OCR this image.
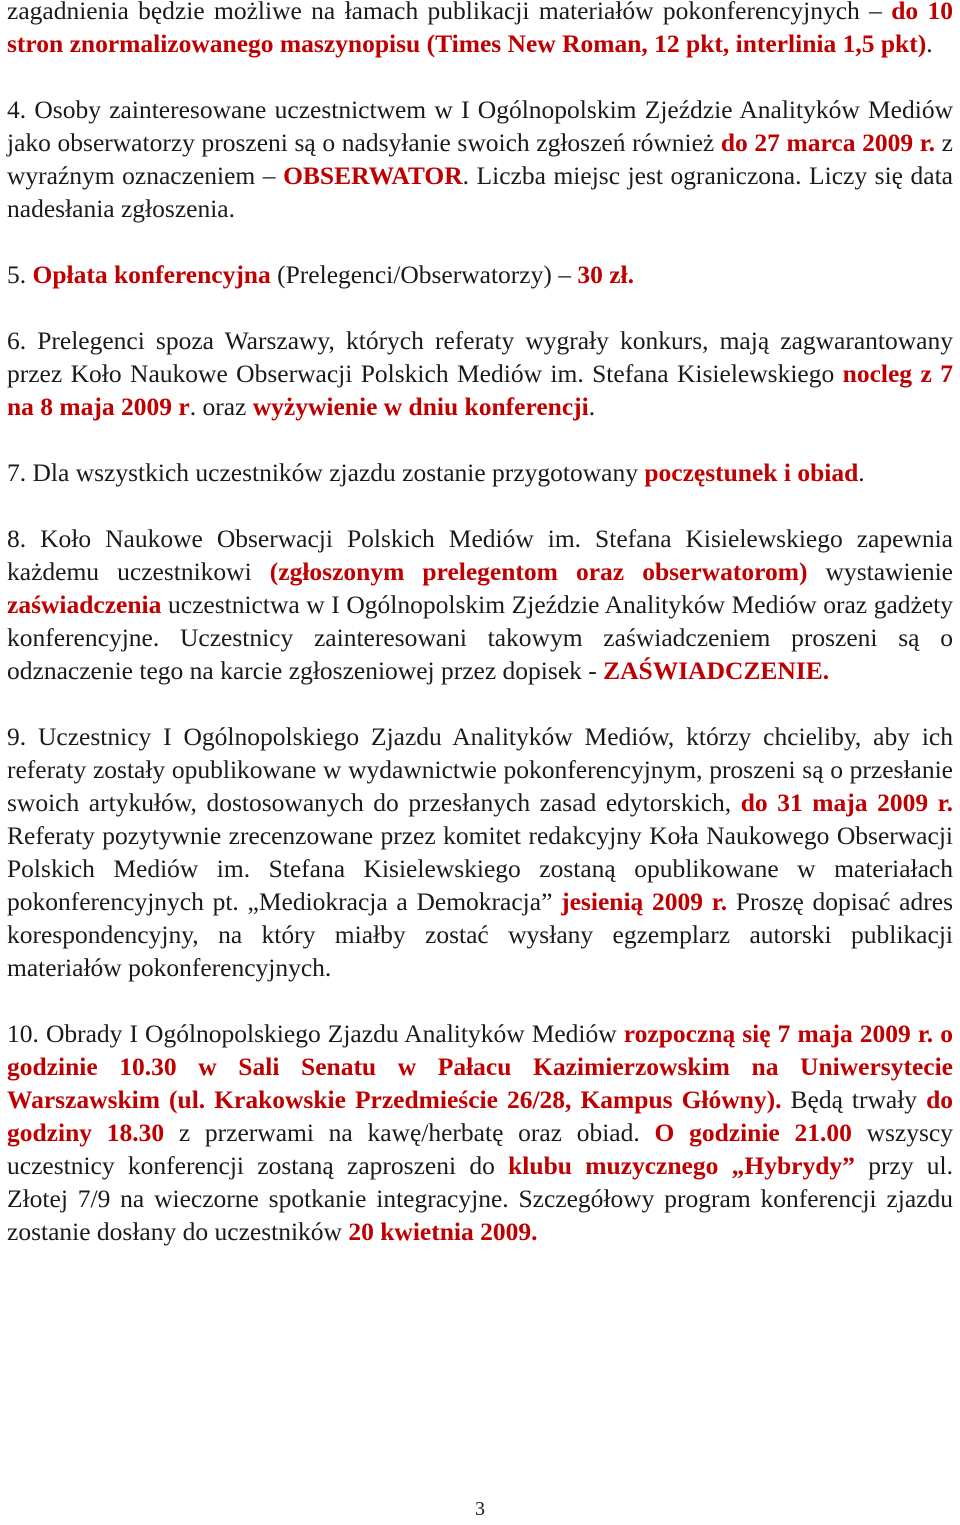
zagadnienia będzie możliwe na łamach publikacji materiałów pokonferencyjnych – do 10 stron znormalizowanego maszynopisu (Times New Roman, 12 pkt, interlinia 1,5 pkt).

4. Osoby zainteresowane uczestnictwem w I Ogólnopolskim Zjeździe Analityków Mediów jako obserwatorzy proszeni są o nadsyłanie swoich zgłoszeń również do 27 marca 2009 r. z wyraźnym oznaczeniem – OBSERWATOR. Liczba miejsc jest ograniczona. Liczy się data nadesłania zgłoszenia.

5. Opłata konferencyjna (Prelegenci/Obserwatorzy) – 30 zł.

6. Prelegenci spoza Warszawy, których referaty wygrały konkurs, mają zagwarantowany przez Koło Naukowe Obserwacji Polskich Mediów im. Stefana Kisielewskiego nocleg z 7 na 8 maja 2009 r. oraz wyżywienie w dniu konferencji.

7. Dla wszystkich uczestników zjazdu zostanie przygotowany poczęstunek i obiad.

8. Koło Naukowe Obserwacji Polskich Mediów im. Stefana Kisielewskiego zapewnia każdemu uczestnikowi (zgłoszonym prelegentom oraz obserwatorom) wystawienie zaświadczenia uczestnictwa w I Ogólnopolskim Zjeździe Analityków Mediów oraz gadżety konferencyjne. Uczestnicy zainteresowani takowym zaświadczeniem proszeni są o odznaczenie tego na karcie zgłoszeniowej przez dopisek - ZAŚWIADCZENIE.

9. Uczestnicy I Ogólnopolskiego Zjazdu Analityków Mediów, którzy chcieliby, aby ich referaty zostały opublikowane w wydawnictwie pokonferencyjnym, proszeni są o przesłanie swoich artykułów, dostosowanych do przesłanych zasad edytorskich, do 31 maja 2009 r. Referaty pozytywnie zrecenzowane przez komitet redakcyjny Koła Naukowego Obserwacji Polskich Mediów im. Stefana Kisielewskiego zostaną opublikowane w materiałach pokonferencyjnych pt. „Mediokracja a Demokracja” jesienią 2009 r. Proszę dopisać adres korespondencyjny, na który miałby zostać wysłany egzemplarz autorski publikacji materiałów pokonferencyjnych.

10. Obrady I Ogólnopolskiego Zjazdu Analityków Mediów rozpoczną się 7 maja 2009 r. o godzinie 10.30 w Sali Senatu w Pałacu Kazimierzowskim na Uniwersytecie Warszawskim (ul. Krakowskie Przedmieście 26/28, Kampus Główny). Będą trwały do godziny 18.30 z przerwami na kawę/herbatę oraz obiad. O godzinie 21.00 wszyscy uczestnicy konferencji zostaną zaproszeni do klubu muzycznego „Hybrydy” przy ul. Złotej 7/9 na wieczorne spotkanie integracyjne. Szczegółowy program konferencji zjazdu zostanie dosłany do uczestników 20 kwietnia 2009.

3
